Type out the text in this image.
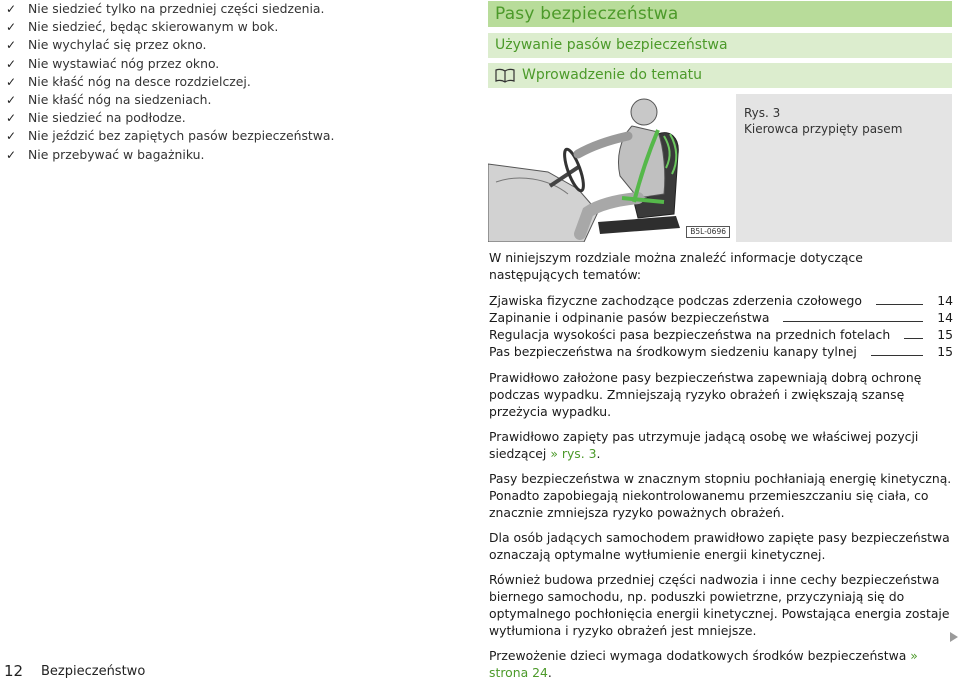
✓ Nie siedzieć tylko na przedniej części siedzenia.
✓ Nie siedzieć, będąc skierowanym w bok.
✓ Nie wychylać się przez okno.
✓ Nie wystawiać nóg przez okno.
✓ Nie kłaść nóg na desce rozdzielczej.
✓ Nie kłaść nóg na siedzeniach.
✓ Nie siedzieć na podłodze.
✓ Nie jeździć bez zapiętych pasów bezpieczeństwa.
✓ Nie przebywać w bagażniku.
Pasy bezpieczeństwa
Używanie pasów bezpieczeństwa
Wprowadzenie do tematu
B5L-0696
Rys. 3
Kierowca przypięty pasem

W niniejszym rozdziale można znaleźć informacje dotyczące następujących tematów:

Zjawiska fizyczne zachodzące podczas zderzenia czołowego	14
Zapinanie i odpinanie pasów bezpieczeństwa	14
Regulacja wysokości pasa bezpieczeństwa na przednich fotelach	15
Pas bezpieczeństwa na środkowym siedzeniu kanapy tylnej	15

Prawidłowo założone pasy bezpieczeństwa zapewniają dobrą ochronę podczas wypadku. Zmniejszają ryzyko obrażeń i zwiększają szansę przeżycia wypadku.

Prawidłowo zapięty pas utrzymuje jadącą osobę we właściwej pozycji siedzącej » rys. 3.

Pasy bezpieczeństwa w znacznym stopniu pochłaniają energię kinetyczną. Ponadto zapobiegają niekontrolowanemu przemieszczaniu się ciała, co znacznie zmniejsza ryzyko poważnych obrażeń.

Dla osób jadących samochodem prawidłowo zapięte pasy bezpieczeństwa oznaczają optymalne wytłumienie energii kinetycznej.

Również budowa przedniej części nadwozia i inne cechy bezpieczeństwa biernego samochodu, np. poduszki powietrzne, przyczyniają się do optymalnego pochłonięcia energii kinetycznej. Powstająca energia zostaje wytłumiona i ryzyko obrażeń jest mniejsze.

Przewożenie dzieci wymaga dodatkowych środków bezpieczeństwa » strona 24.

12 Bezpieczeństwo
